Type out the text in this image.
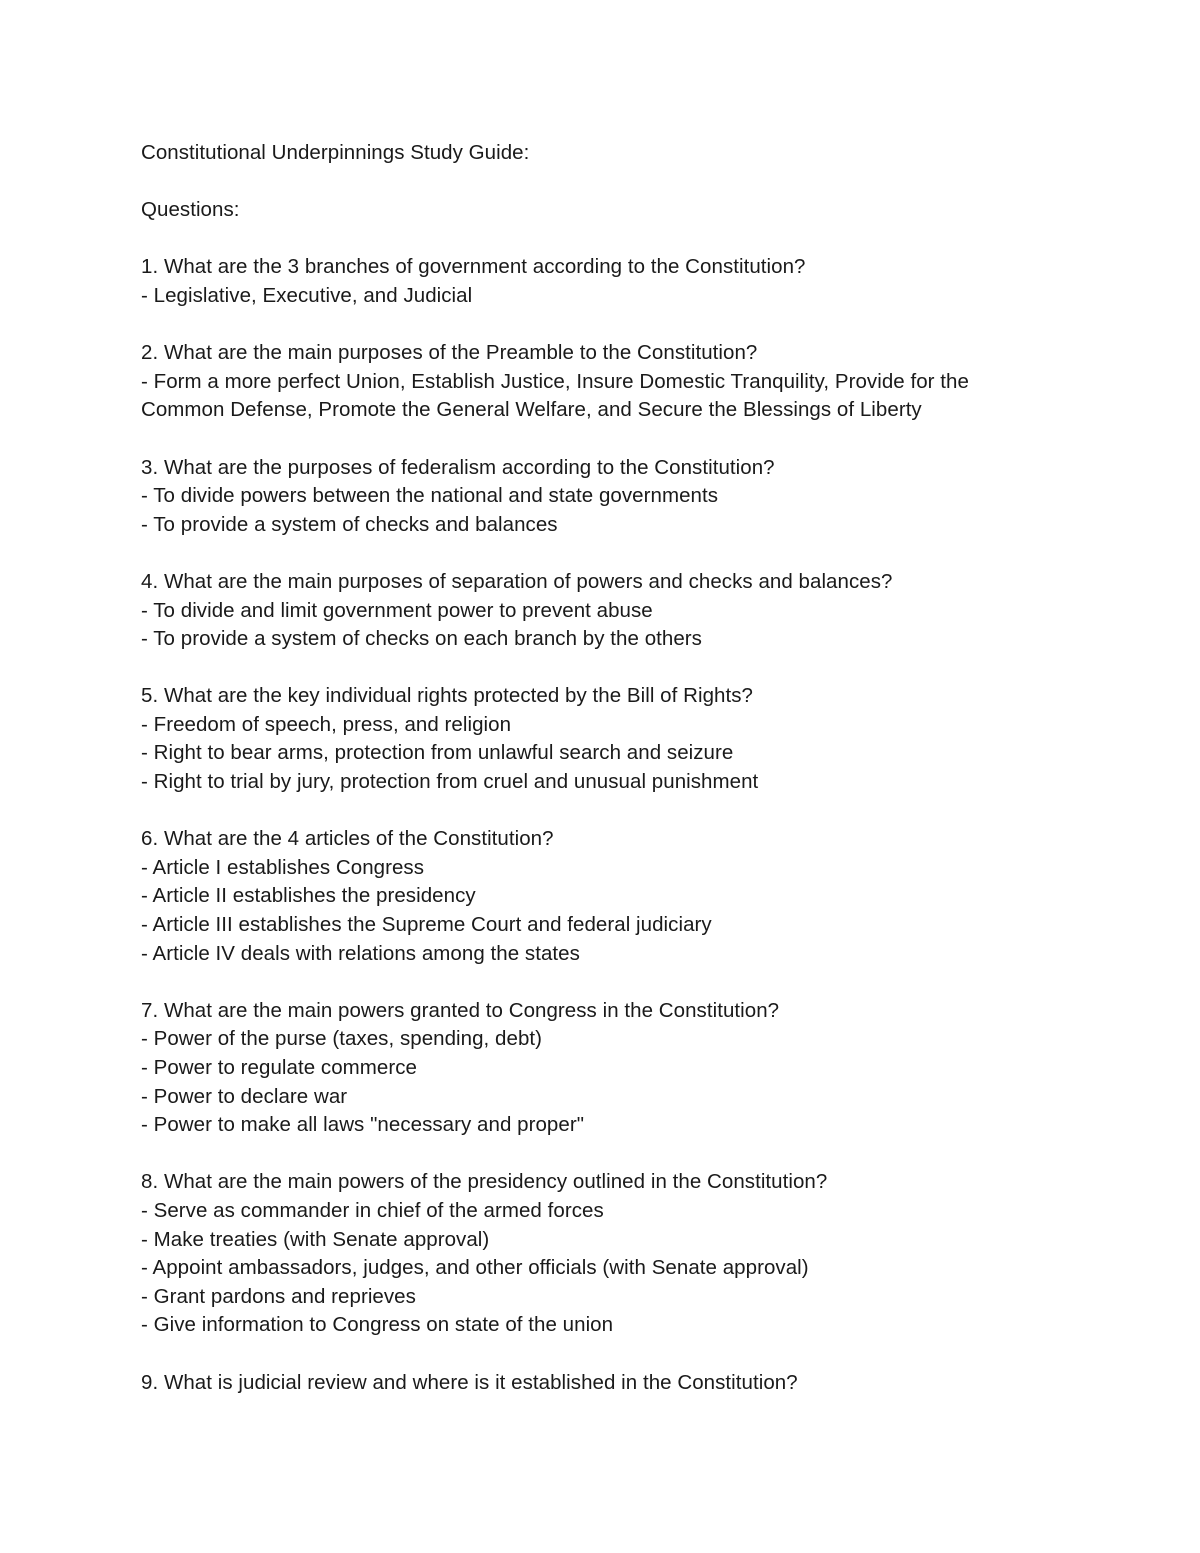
Constitutional Underpinnings Study Guide:
Questions:
1. What are the 3 branches of government according to the Constitution?
- Legislative, Executive, and Judicial
2. What are the main purposes of the Preamble to the Constitution?
- Form a more perfect Union, Establish Justice, Insure Domestic Tranquility, Provide for the
Common Defense, Promote the General Welfare, and Secure the Blessings of Liberty
3. What are the purposes of federalism according to the Constitution?
- To divide powers between the national and state governments
- To provide a system of checks and balances
4. What are the main purposes of separation of powers and checks and balances?
- To divide and limit government power to prevent abuse
- To provide a system of checks on each branch by the others
5. What are the key individual rights protected by the Bill of Rights?
- Freedom of speech, press, and religion
- Right to bear arms, protection from unlawful search and seizure
- Right to trial by jury, protection from cruel and unusual punishment
6. What are the 4 articles of the Constitution?
- Article I establishes Congress
- Article II establishes the presidency
- Article III establishes the Supreme Court and federal judiciary
- Article IV deals with relations among the states
7. What are the main powers granted to Congress in the Constitution?
- Power of the purse (taxes, spending, debt)
- Power to regulate commerce
- Power to declare war
- Power to make all laws "necessary and proper"
8. What are the main powers of the presidency outlined in the Constitution?
- Serve as commander in chief of the armed forces
- Make treaties (with Senate approval)
- Appoint ambassadors, judges, and other officials (with Senate approval)
- Grant pardons and reprieves
- Give information to Congress on state of the union
9. What is judicial review and where is it established in the Constitution?
